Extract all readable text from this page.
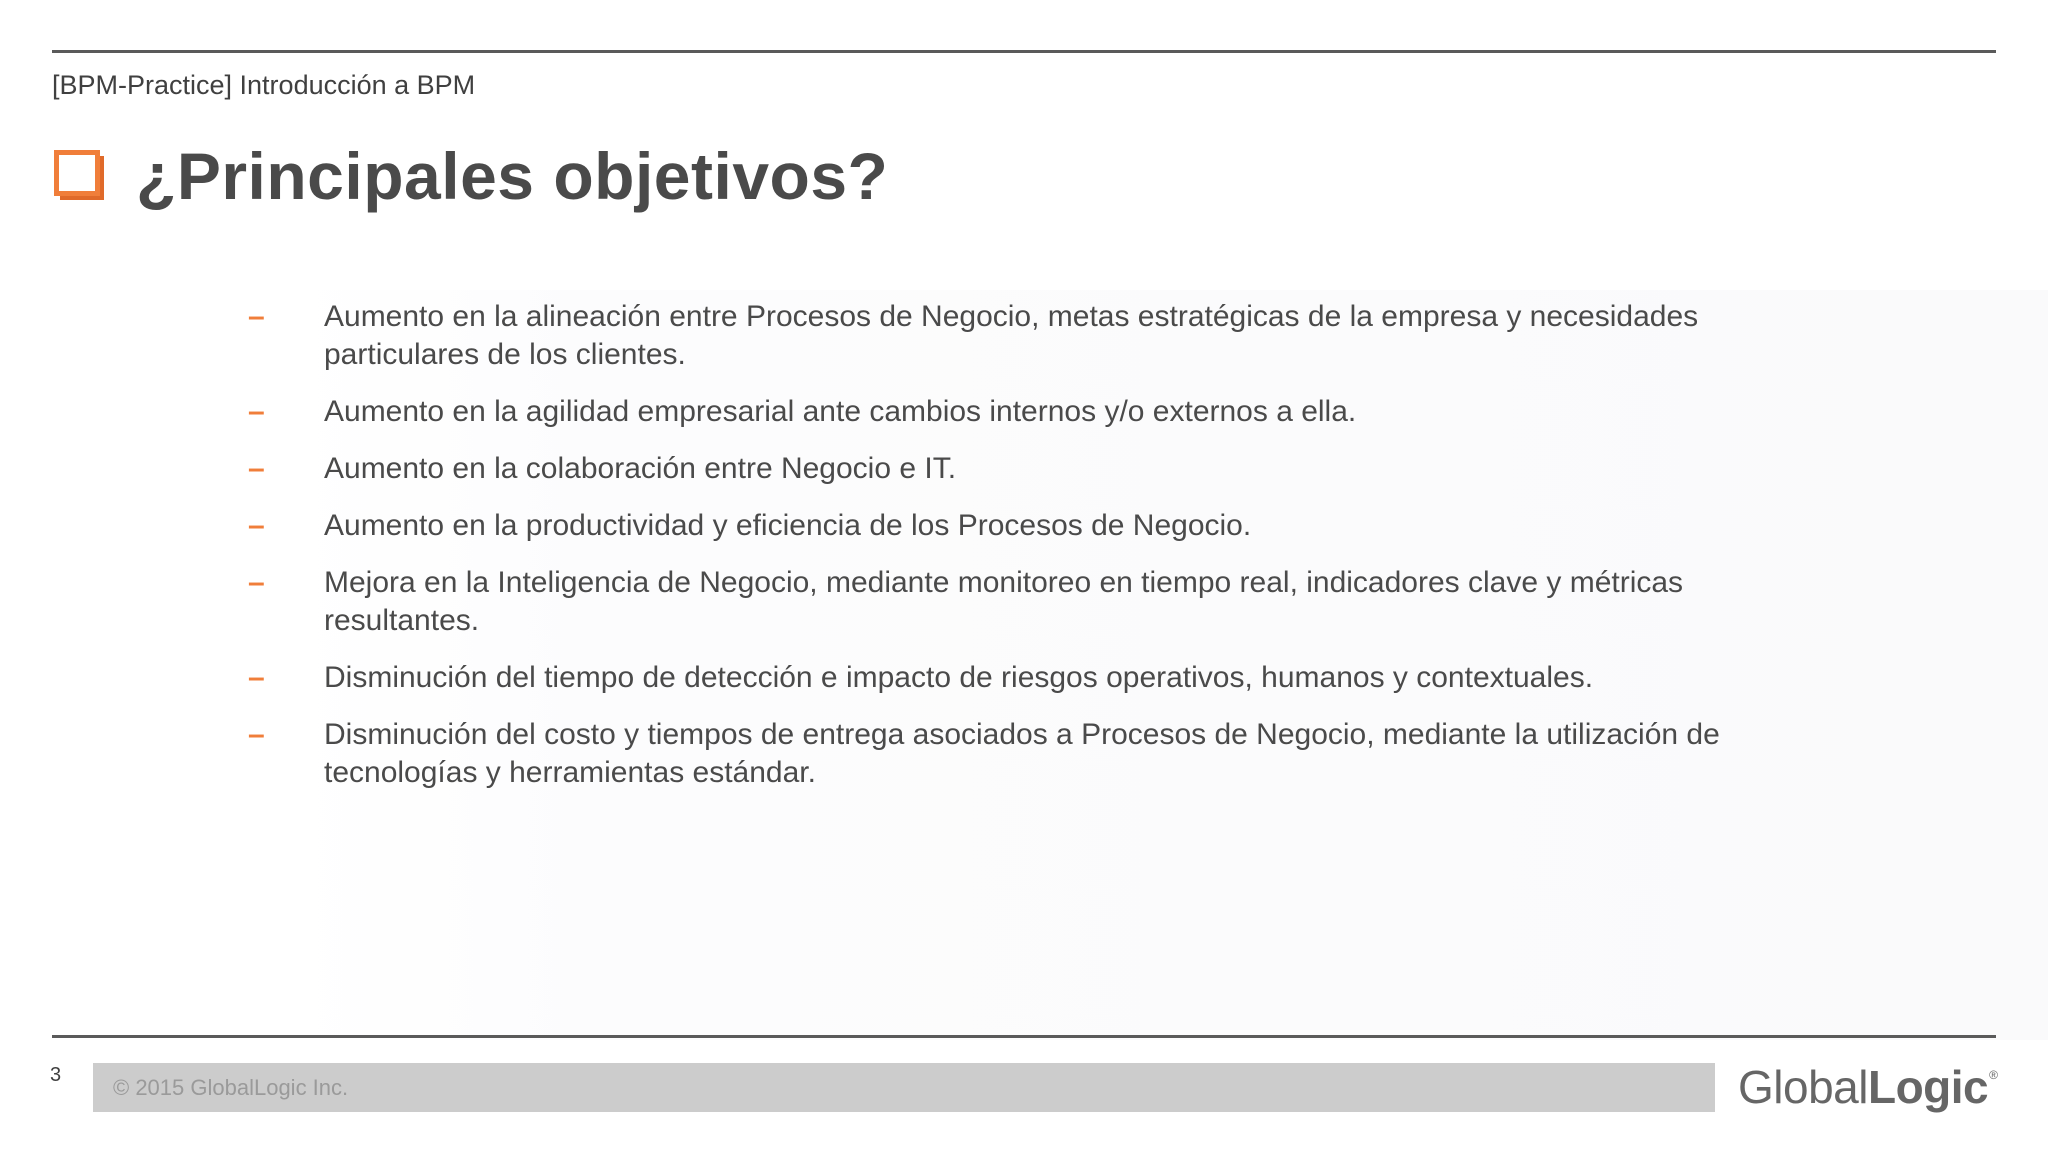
[BPM-Practice] Introducción a BPM
¿Principales objetivos?
–	Aumento en la alineación entre Procesos de Negocio, metas estratégicas de la empresa y necesidades particulares de los clientes.
–	Aumento en la agilidad empresarial ante cambios internos y/o externos a ella.
–	Aumento en la colaboración entre Negocio e IT.
–	Aumento en la productividad y eficiencia de los Procesos de Negocio.
–	Mejora en la Inteligencia de Negocio, mediante monitoreo en tiempo real, indicadores clave y métricas resultantes.
–	Disminución del tiempo de detección e impacto de riesgos operativos, humanos y contextuales.
–	Disminución del costo y tiempos de entrega asociados a Procesos de Negocio, mediante la utilización de tecnologías y herramientas estándar.
3 © 2015 GlobalLogic Inc.	Global Logic ®
